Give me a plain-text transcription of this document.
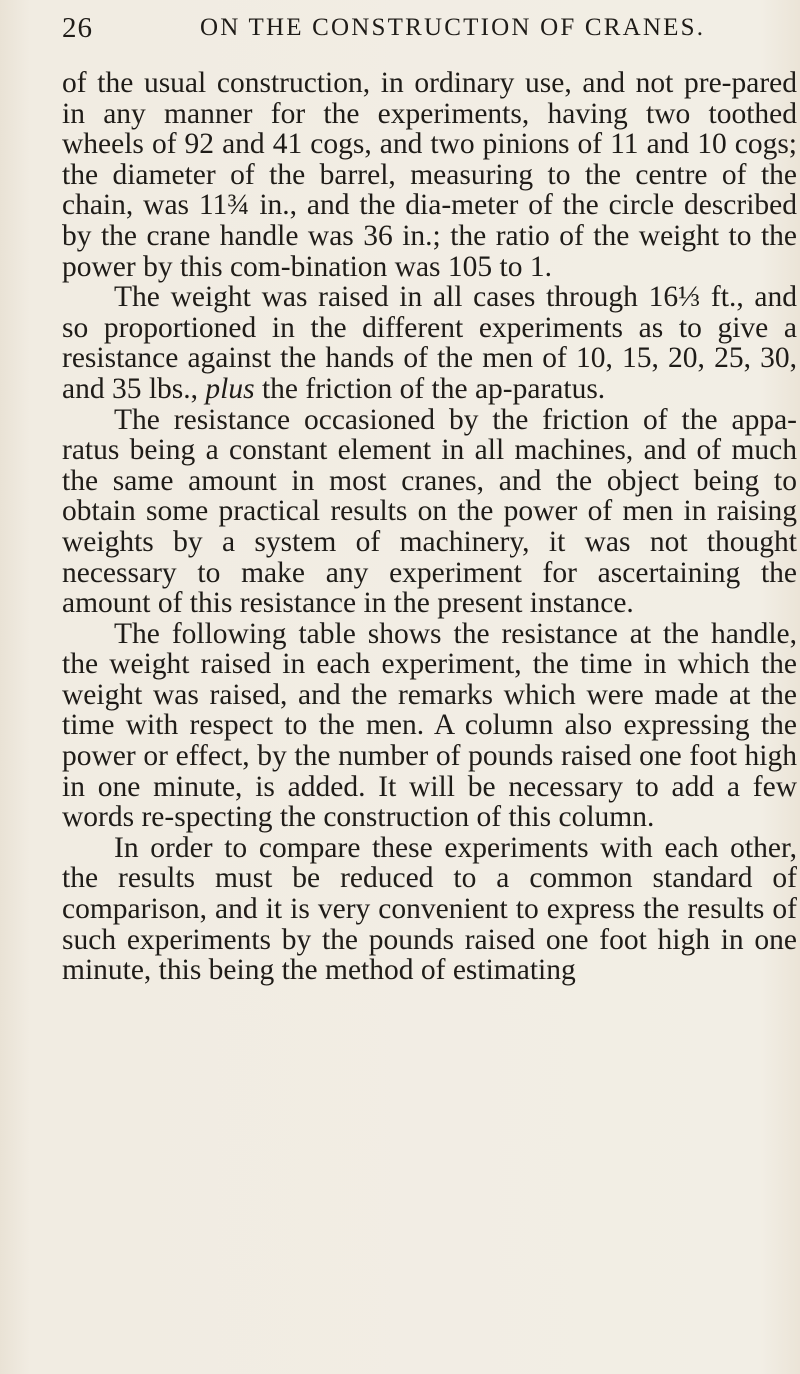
26	ON THE CONSTRUCTION OF CRANES.

of the usual construction, in ordinary use, and not pre-pared in any manner for the experiments, having two toothed wheels of 92 and 41 cogs, and two pinions of 11 and 10 cogs; the diameter of the barrel, measuring to the centre of the chain, was 11¾ in., and the dia-meter of the circle described by the crane handle was 36 in.; the ratio of the weight to the power by this com-bination was 105 to 1.

The weight was raised in all cases through 16⅓ ft., and so proportioned in the different experiments as to give a resistance against the hands of the men of 10, 15, 20, 25, 30, and 35 lbs., plus the friction of the ap-paratus.

The resistance occasioned by the friction of the appa-ratus being a constant element in all machines, and of much the same amount in most cranes, and the object being to obtain some practical results on the power of men in raising weights by a system of machinery, it was not thought necessary to make any experiment for ascertaining the amount of this resistance in the present instance.

The following table shows the resistance at the handle, the weight raised in each experiment, the time in which the weight was raised, and the remarks which were made at the time with respect to the men. A column also expressing the power or effect, by the number of pounds raised one foot high in one minute, is added. It will be necessary to add a few words re-specting the construction of this column.

In order to compare these experiments with each other, the results must be reduced to a common standard of comparison, and it is very convenient to express the results of such experiments by the pounds raised one foot high in one minute, this being the method of estimating
